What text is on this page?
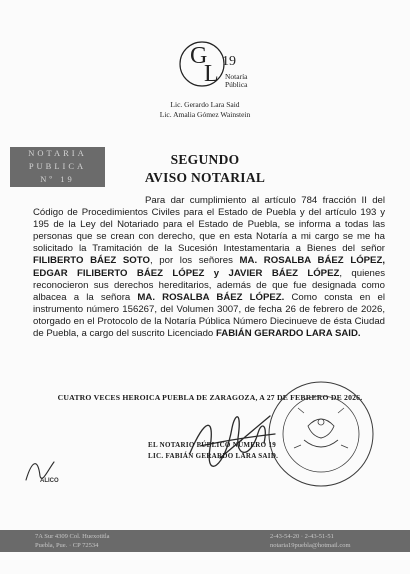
G
L 19
Notaría
Pública
Lic. Gerardo Lara Said
Lic. Amalia Gómez Wainstein
NOTARIA
PUBLICA
Nº 19
SEGUNDO
AVISO NOTARIAL
Para dar cumplimiento al artículo 784 fracción II del Código de Procedimientos Civiles para el Estado de Puebla y del artículo 193 y 195 de la Ley del Notariado para el Estado de Puebla, se informa a todas las personas que se crean con derecho, que en esta Notaría a mi cargo se me ha solicitado la Tramitación de la Sucesión Intestamentaria a Bienes del señor FILIBERTO BÁEZ SOTO, por los señores MA. ROSALBA BÁEZ LÓPEZ, EDGAR FILIBERTO BÁEZ LÓPEZ y JAVIER BÁEZ LÓPEZ, quienes reconocieron sus derechos hereditarios, además de que fue designada como albacea a la señora MA. ROSALBA BÁEZ LÓPEZ. Como consta en el instrumento número 156267, del Volumen 3007, de fecha 26 de febrero de 2026, otorgado en el Protocolo de la Notaría Pública Número Diecinueve de ésta Ciudad de Puebla, a cargo del suscrito Licenciado FABIÁN GERARDO LARA SAID.
CUATRO VECES HEROICA PUEBLA DE ZARAGOZA, A 27 DE FEBRERO DE 2026.
EL NOTARIO PÚBLICO NÚMERO 19
LIC. FABIÁN GERARDO LARA SAID.
ALICO
7A Sur 4309 Col. Huexotitla
Puebla, Pue. · CP 72534
2-43-54-20 · 2-43-51-51
notaria19puebla@hotmail.com
